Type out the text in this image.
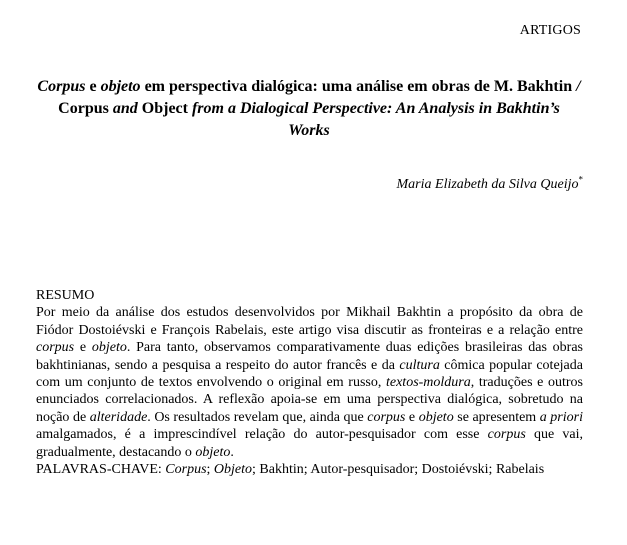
ARTIGOS
Corpus e objeto em perspectiva dialógica: uma análise em obras de M. Bakhtin / Corpus and Object from a Dialogical Perspective: An Analysis in Bakhtin’s Works
Maria Elizabeth da Silva Queijo*
RESUMO
Por meio da análise dos estudos desenvolvidos por Mikhail Bakhtin a propósito da obra de Fiódor Dostoiévski e François Rabelais, este artigo visa discutir as fronteiras e a relação entre corpus e objeto. Para tanto, observamos comparativamente duas edições brasileiras das obras bakhtinianas, sendo a pesquisa a respeito do autor francês e da cultura cômica popular cotejada com um conjunto de textos envolvendo o original em russo, textos-moldura, traduções e outros enunciados correlacionados. A reflexão apoia-se em uma perspectiva dialógica, sobretudo na noção de alteridade. Os resultados revelam que, ainda que corpus e objeto se apresentem a priori amalgamados, é a imprescindível relação do autor-pesquisador com esse corpus que vai, gradualmente, destacando o objeto.
PALAVRAS-CHAVE: Corpus; Objeto; Bakhtin; Autor-pesquisador; Dostoiévski; Rabelais
